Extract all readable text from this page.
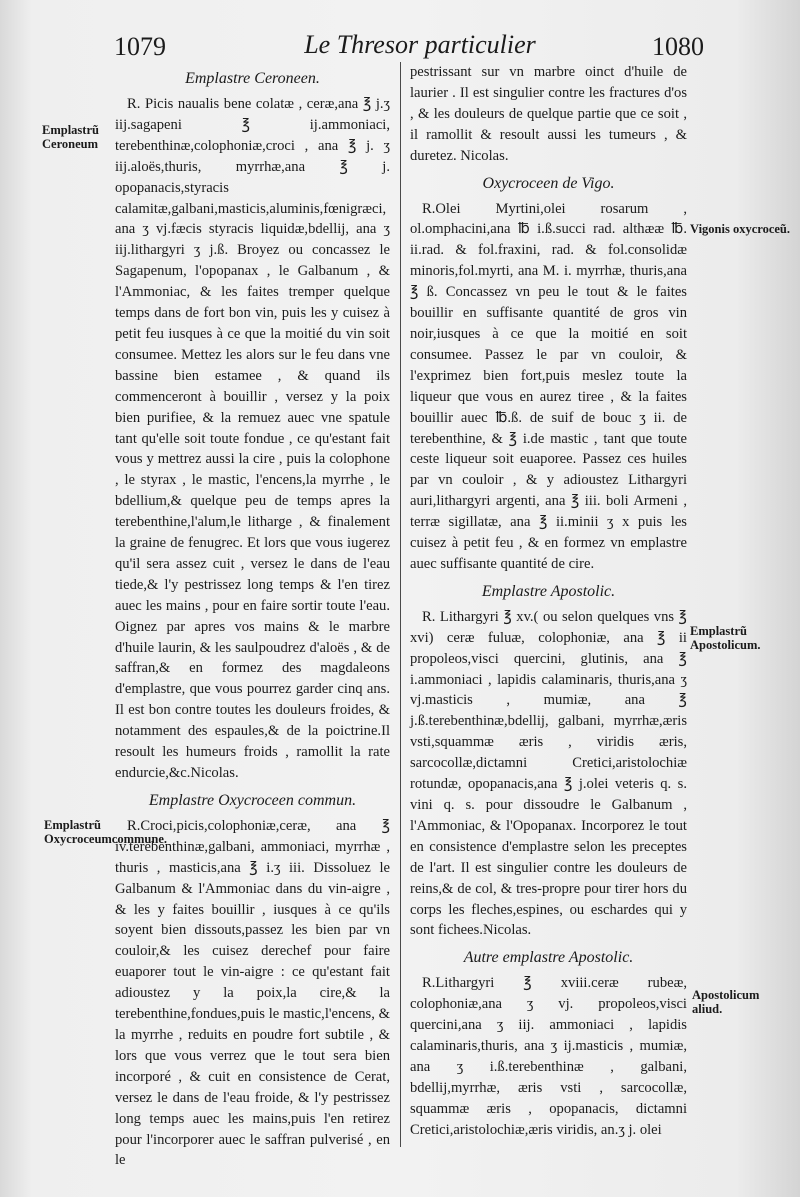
1079	Le Thresor particulier	1080
Emplastrũ Ceroneum
Emplastrũ Oxycroceumcommune.
Vigonis oxycroceũ.
Emplastrũ Apostolicum.
Apostolicum aliud.
Emplastre Ceroneen.

R. Picis naualis bene colatæ , ceræ,ana ℥ j.ʒ iij.sagapeni ℥ ij.ammoniaci, terebenthinæ,colophoniæ,croci , ana ℥ j. ʒ iij.aloës,thuris, myrrhæ,ana ℥ j. opopanacis,styracis calamitæ,galbani,masticis,aluminis,fœnigræci, ana ʒ vj.fæcis styracis liquidæ,bdellij, ana ʒ iij.lithargyri ʒ j.ß. Broyez ou concassez le Sagapenum, l'opopanax , le Galbanum , & l'Ammoniac, & les faites tremper quelque temps dans de fort bon vin, puis les y cuisez à petit feu iusques à ce que la moitié du vin soit consumee. Mettez les alors sur le feu dans vne bassine bien estamee , & quand ils commenceront à bouillir , versez y la poix bien purifiee, & la remuez auec vne spatule tant qu'elle soit toute fondue , ce qu'estant fait vous y mettrez aussi la cire , puis la colophone , le styrax , le mastic, l'encens,la myrrhe , le bdellium,& quelque peu de temps apres la terebenthine,l'alum,le litharge , & finalement la graine de fenugrec. Et lors que vous iugerez qu'il sera assez cuit , versez le dans de l'eau tiede,& l'y pestrissez long temps & l'en tirez auec les mains , pour en faire sortir toute l'eau. Oignez par apres vos mains & le marbre d'huile laurin, & les saulpoudrez d'aloës , & de saffran,& en formez des magdaleons d'emplastre, que vous pourrez garder cinq ans. Il est bon contre toutes les douleurs froides, & notamment des espaules,& de la poictrine.Il resoult les humeurs froids , ramollit la rate endurcie,&c.Nicolas.

Emplastre Oxycroceen commun.

R.Croci,picis,colophoniæ,ceræ, ana ℥ iv.terebenthinæ,galbani, ammoniaci, myrrhæ , thuris , masticis,ana ℥ i.ʒ iii. Dissoluez le Galbanum & l'Ammoniac dans du vin-aigre , & les y faites bouillir , iusques à ce qu'ils soyent bien dissouts,passez les bien par vn couloir,& les cuisez derechef pour faire euaporer tout le vin-aigre : ce qu'estant fait adioustez y la poix,la cire,& la terebenthine,fondues,puis le mastic,l'encens, & la myrrhe , reduits en poudre fort subtile , & lors que vous verrez que le tout sera bien incorporé , & cuit en consistence de Cerat, versez le dans de l'eau froide, & l'y pestrissez long temps auec les mains,puis l'en retirez pour l'incorporer auec le saffran pulverisé , en le

pestrissant sur vn marbre oinct d'huile de laurier . Il est singulier contre les fractures d'os , & les douleurs de quelque partie que ce soit , il ramollit & resoult aussi les tumeurs , & duretez. Nicolas.

Oxycroceen de Vigo.

R.Olei Myrtini,olei rosarum , ol.omphacini,ana ℔ i.ß.succi rad. althææ ℔. ii.rad. & fol.fraxini, rad. & fol.consolidæ minoris,fol.myrti, ana M. i. myrrhæ, thuris,ana ℥ ß. Concassez vn peu le tout & le faites bouillir en suffisante quantité de gros vin noir,iusques à ce que la moitié en soit consumee. Passez le par vn couloir, & l'exprimez bien fort,puis meslez toute la liqueur que vous en aurez tiree , & la faites bouillir auec ℔.ß. de suif de bouc ʒ ii. de terebenthine, & ℥ i.de mastic , tant que toute ceste liqueur soit euaporee. Passez ces huiles par vn couloir , & y adioustez Lithargyri auri,lithargyri argenti, ana ℥ iii. boli Armeni , terræ sigillatæ, ana ℥ ii.minii ʒ x puis les cuisez à petit feu , & en formez vn emplastre auec suffisante quantité de cire.

Emplastre Apostolic.

R. Lithargyri ℥ xv.( ou selon quelques vns ℥ xvi) ceræ fuluæ, colophoniæ, ana ℥ ii propoleos,visci quercini, glutinis, ana ℥ i.ammoniaci , lapidis calaminaris, thuris,ana ʒ vj.masticis , mumiæ, ana ℥ j.ß.terebenthinæ,bdellij, galbani, myrrhæ,æris vsti,squammæ æris , viridis æris, sarcocollæ,dictamni Cretici,aristolochiæ rotundæ, opopanacis,ana ℥ j.olei veteris q. s. vini q. s. pour dissoudre le Galbanum , l'Ammoniac, & l'Opopanax. Incorporez le tout en consistence d'emplastre selon les preceptes de l'art. Il est singulier contre les douleurs de reins,& de col, & tres-propre pour tirer hors du corps les fleches,espines, ou eschardes qui y sont fichees.Nicolas.

Autre emplastre Apostolic.

R.Lithargyri ℥ xviii.ceræ rubeæ, colophoniæ,ana ʒ vj. propoleos,visci quercini,ana ʒ iij. ammoniaci , lapidis calaminaris,thuris, ana ʒ ij.masticis , mumiæ, ana ʒ i.ß.terebenthinæ , galbani, bdellij,myrrhæ, æris vsti , sarcocollæ, squammæ æris , opopanacis, dictamni Cretici,aristolochiæ,æris viridis, an.ʒ j. olei
